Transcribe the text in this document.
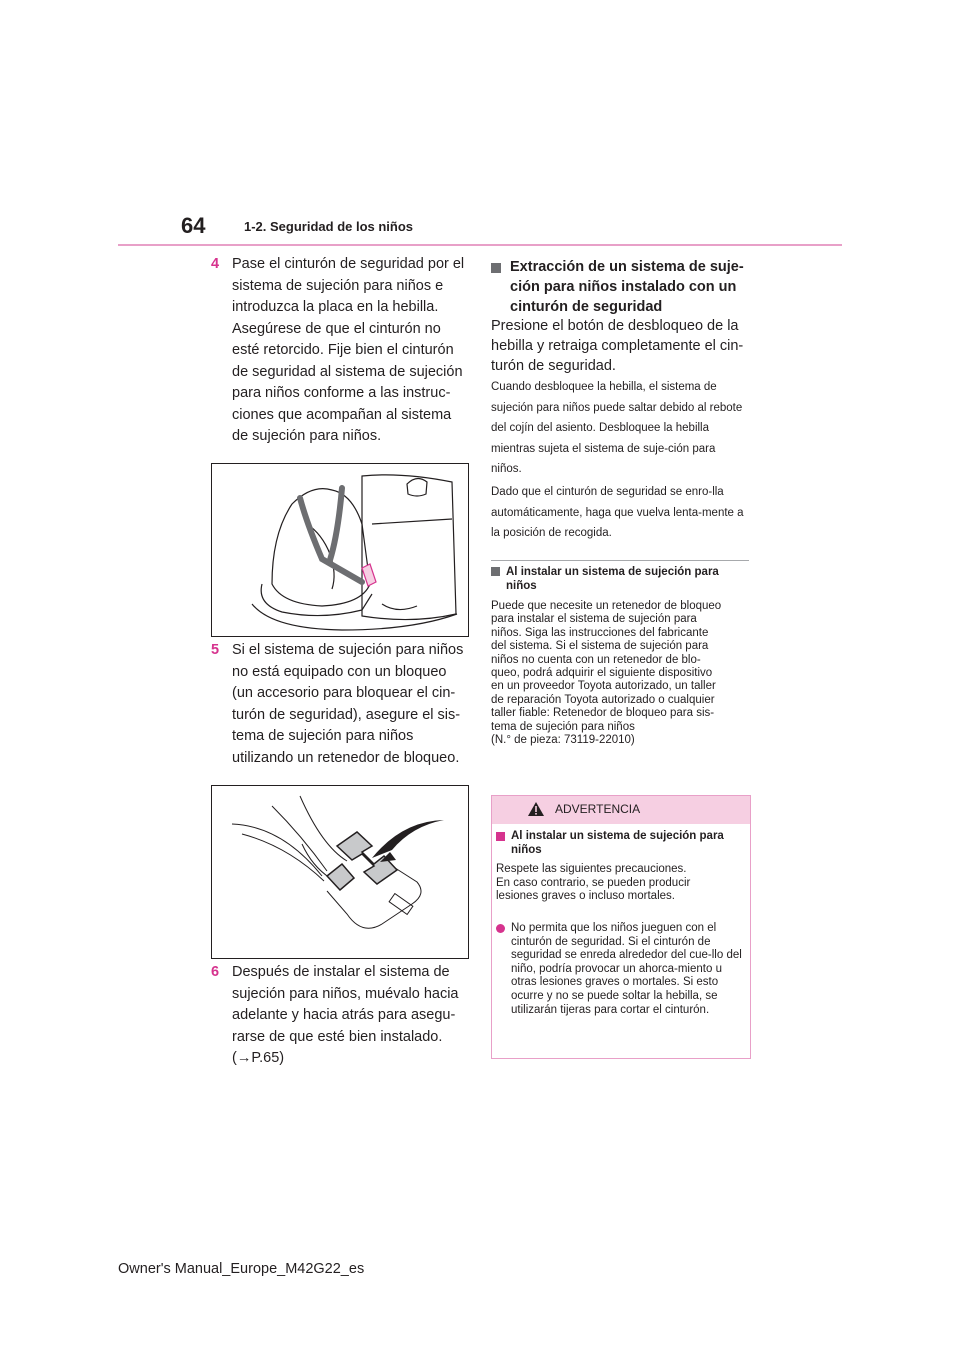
64	1-2. Seguridad de los niños
4 Pase el cinturón de seguridad por el sistema de sujeción para niños e introduzca la placa en la hebilla. Asegúrese de que el cinturón no esté retorcido. Fije bien el cinturón de seguridad al sistema de sujeción para niños conforme a las instruc-ciones que acompañan al sistema de sujeción para niños.
5 Si el sistema de sujeción para niños no está equipado con un bloqueo (un accesorio para bloquear el cin-turón de seguridad), asegure el sis-tema de sujeción para niños utilizando un retenedor de bloqueo.
6 Después de instalar el sistema de sujeción para niños, muévalo hacia adelante y hacia atrás para asegu-rarse de que esté bien instalado. (→P.65)
Extracción de un sistema de suje-ción para niños instalado con un cinturón de seguridad
Presione el botón de desbloqueo de la hebilla y retraiga completamente el cin-turón de seguridad.
Cuando desbloquee la hebilla, el sistema de sujeción para niños puede saltar debido al rebote del cojín del asiento. Desbloquee la hebilla mientras sujeta el sistema de suje-ción para niños.
Dado que el cinturón de seguridad se enro-lla automáticamente, haga que vuelva lenta-mente a la posición de recogida.
Al instalar un sistema de sujeción para niños
Puede que necesite un retenedor de bloqueo
para instalar el sistema de sujeción para
niños. Siga las instrucciones del fabricante
del sistema. Si el sistema de sujeción para
niños no cuenta con un retenedor de blo-
queo, podrá adquirir el siguiente dispositivo
en un proveedor Toyota autorizado, un taller
de reparación Toyota autorizado o cualquier
taller fiable: Retenedor de bloqueo para sis-
tema de sujeción para niños
(N.° de pieza: 73119-22010)
ADVERTENCIA
Al instalar un sistema de sujeción para niños
Respete las siguientes precauciones.
En caso contrario, se pueden producir
lesiones graves o incluso mortales.
No permita que los niños jueguen con el cinturón de seguridad. Si el cinturón de seguridad se enreda alrededor del cue-llo del niño, podría provocar un ahorca-miento u otras lesiones graves o mortales. Si esto ocurre y no se puede soltar la hebilla, se utilizarán tijeras para cortar el cinturón.
Owner's Manual_Europe_M42G22_es
